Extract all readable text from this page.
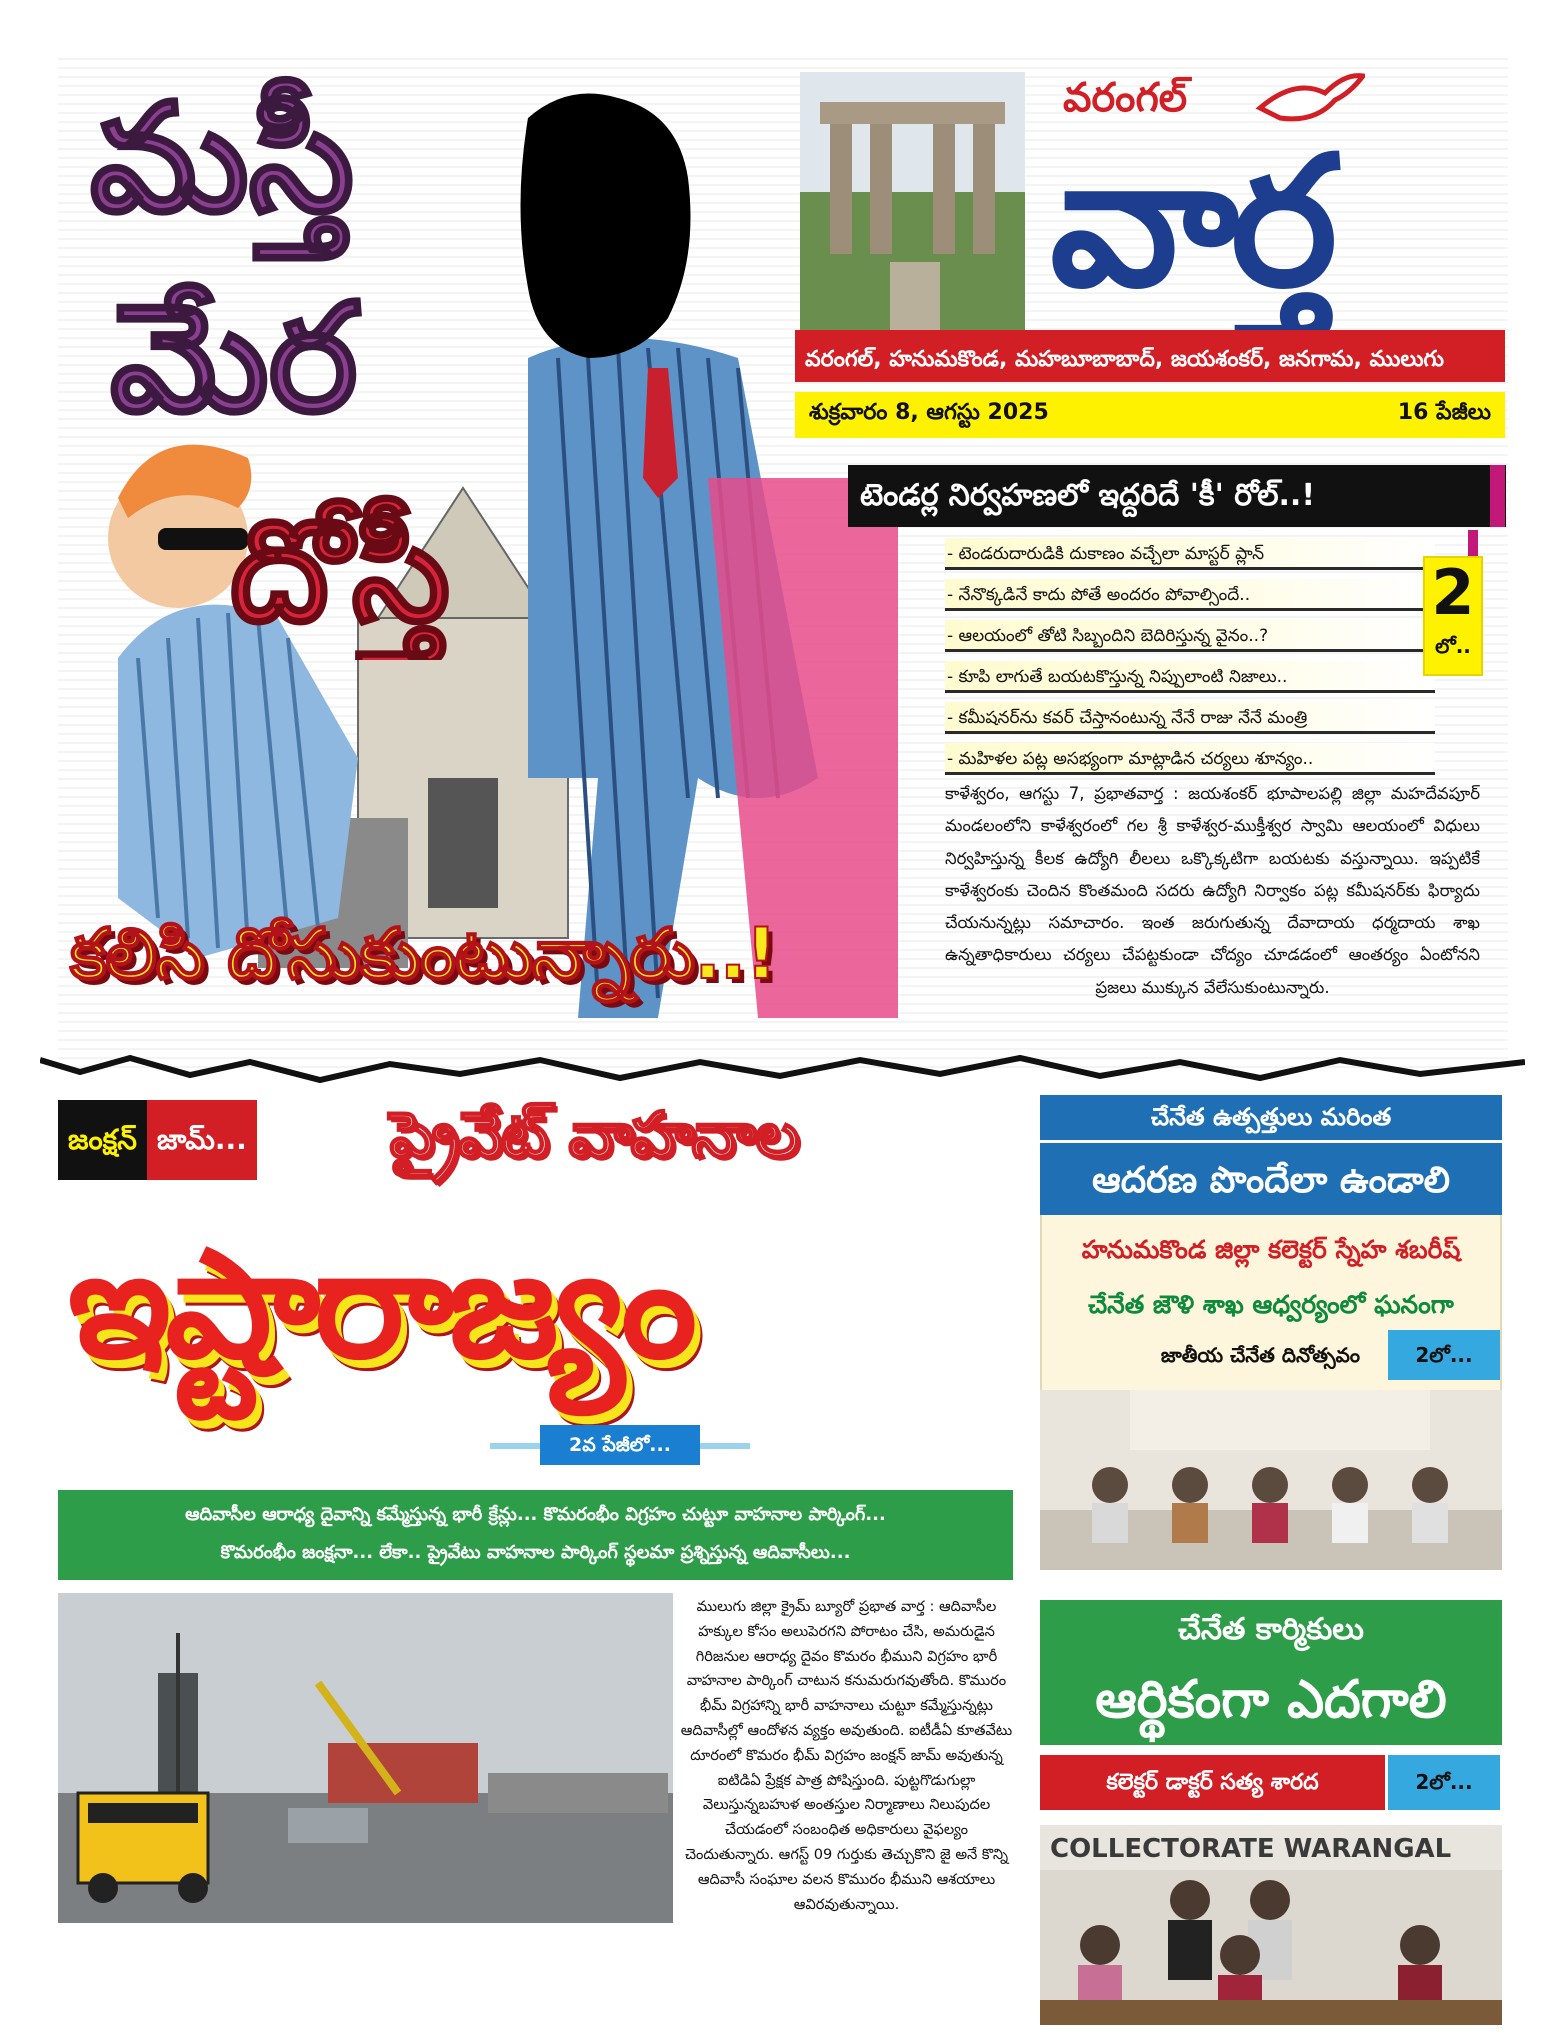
మస్తీ
మేర
దోస్తీ
కలిసి దోసుకుంటున్నారు..!
వరంగల్
వార్త
వరంగల్, హనుమకొండ, మహబూబాబాద్, జయశంకర్, జనగామ, ములుగు
శుక్రవారం 8, ఆగస్టు 2025	16 పేజీలు
టెండర్ల నిర్వహణలో ఇద్దరిదే 'కీ' రోల్..!
- టెండరుదారుడికి దుకాణం వచ్చేలా మాస్టర్ ప్లాన్
- నేనొక్కడినే కాదు పోతే అందరం పోవాల్సిందే..
- ఆలయంలో తోటి సిబ్బందిని బెదిరిస్తున్న వైనం..?
- కూపి లాగుతే బయటకొస్తున్న నిప్పులాంటి నిజాలు..
- కమీషనర్‌ను కవర్ చేస్తానంటున్న నేనే రాజు నేనే మంత్రి
- మహిళల పట్ల అసభ్యంగా మాట్లాడిన చర్యలు శూన్యం..
2
లో..
కాళేశ్వరం, ఆగస్టు 7, ప్రభాతవార్త : జయశంకర్ భూపాలపల్లి జిల్లా మహదేవపూర్ మండలంలోని కాళేశ్వరంలో గల శ్రీ కాళేశ్వర-ముక్తీశ్వర స్వామి ఆలయంలో విధులు నిర్వహిస్తున్న కీలక ఉద్యోగి లీలలు ఒక్కొక్కటిగా బయటకు వస్తున్నాయి. ఇప్పటికే కాళేశ్వరంకు చెందిన కొంతమంది సదరు ఉద్యోగి నిర్వాకం పట్ల కమీషనర్‌కు ఫిర్యాదు చేయనున్నట్లు సమాచారం. ఇంత జరుగుతున్న దేవాదాయ ధర్మదాయ శాఖ ఉన్నతాధికారులు చర్యలు చేపట్టకుండా చోద్యం చూడడంలో ఆంతర్యం ఏంటోనని ప్రజలు ముక్కున వేలేసుకుంటున్నారు.
జంక్షన్ జామ్... ప్రైవేట్ వాహనాల
ఇష్టారాజ్యం
2వ పేజీలో...

ఆదివాసీల ఆరాధ్య దైవాన్ని కమ్మేస్తున్న భారీ క్రేన్లు... కొమరంభీం విగ్రహం చుట్టూ వాహనాల పార్కింగ్...

కొమరంభీం జంక్షనా... లేకా.. ప్రైవేటు వాహనాల పార్కింగ్ స్థలమా ప్రశ్నిస్తున్న ఆదివాసీలు...

ములుగు జిల్లా క్రైమ్ బ్యూరో ప్రభాత వార్త : ఆదివాసీల హక్కుల కోసం అలుపెరగని పోరాటం చేసి, అమరుడైన గిరిజనుల ఆరాధ్య దైవం కొమరం భీముని విగ్రహం భారీ వాహనాల పార్కింగ్ చాటున కనుమరుగవుతోంది. కొమురం భీమ్ విగ్రహాన్ని భారీ వాహనాలు చుట్టూ కమ్మేస్తున్నట్లు ఆదివాసీల్లో ఆందోళన వ్యక్తం అవుతుంది. ఐటీడీఏ కూతవేటు దూరంలో కొమరం భీమ్ విగ్రహం జంక్షన్ జామ్ అవుతున్న ఐటిడిఏ ప్రేక్షక పాత్ర పోషిస్తుంది. పుట్టగొడుగుల్లా వెలుస్తున్నబహుళ అంతస్తుల నిర్మాణాలు నిలుపుదల చేయడంలో సంబంధిత అధికారులు వైఫల్యం చెందుతున్నారు. ఆగస్ట్ 09 గుర్తుకు తెచ్చుకొని జై అనే కొన్ని ఆదివాసీ సంఘాల వలన కొమురం భీముని ఆశయాలు ఆవిరవుతున్నాయి.
చేనేత ఉత్పత్తులు మరింత
ఆదరణ పొందేలా ఉండాలి
హనుమకొండ జిల్లా కలెక్టర్ స్నేహ శబరీష్
చేనేత జౌళి శాఖ ఆధ్వర్యంలో ఘనంగా
జాతీయ చేనేత దినోత్సవం	2లో...
చేనేత కార్మికులు
ఆర్థికంగా ఎదగాలి
కలెక్టర్ డాక్టర్ సత్య శారద	2లో...
COLLECTORATE WARANGAL
